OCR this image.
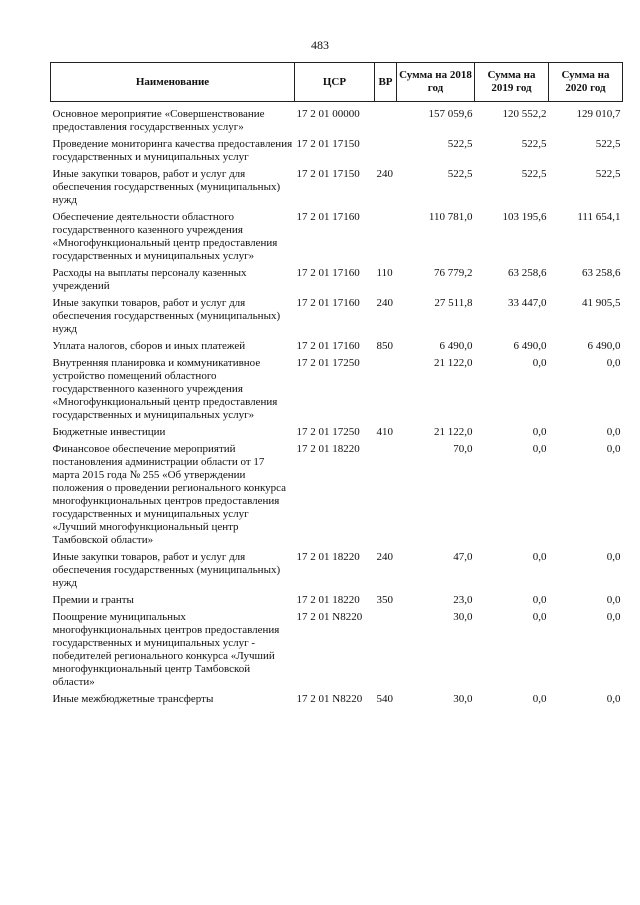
483
Наименование	ЦСР	ВР	Сумма на 2018 год	Сумма на 2019 год	Сумма на 2020 год
Основное мероприятие «Совершенствование предоставления государственных услуг»	17 2 01 00000		157 059,6	120 552,2	129 010,7
Проведение мониторинга качества предоставления государственных и муниципальных услуг	17 2 01 17150		522,5	522,5	522,5
Иные закупки товаров, работ и услуг для обеспечения государственных (муниципальных) нужд	17 2 01 17150	240	522,5	522,5	522,5
Обеспечение деятельности областного государственного казенного учреждения «Многофункциональный центр предоставления государственных и муниципальных услуг»	17 2 01 17160		110 781,0	103 195,6	111 654,1
Расходы на выплаты персоналу казенных учреждений	17 2 01 17160	110	76 779,2	63 258,6	63 258,6
Иные закупки товаров, работ и услуг для обеспечения государственных (муниципальных) нужд	17 2 01 17160	240	27 511,8	33 447,0	41 905,5
Уплата налогов, сборов и иных платежей	17 2 01 17160	850	6 490,0	6 490,0	6 490,0
Внутренняя планировка и коммуникативное устройство помещений областного государственного казенного учреждения «Многофункциональный центр предоставления государственных и муниципальных услуг»	17 2 01 17250		21 122,0	0,0	0,0
Бюджетные инвестиции	17 2 01 17250	410	21 122,0	0,0	0,0
Финансовое обеспечение мероприятий постановления администрации области от 17 марта 2015 года № 255 «Об утверждении положения о проведении регионального конкурса многофункциональных центров предоставления государственных и муниципальных услуг «Лучший многофункциональный центр Тамбовской области»	17 2 01 18220		70,0	0,0	0,0
Иные закупки товаров, работ и услуг для обеспечения государственных (муниципальных) нужд	17 2 01 18220	240	47,0	0,0	0,0
Премии и гранты	17 2 01 18220	350	23,0	0,0	0,0
Поощрение муниципальных многофункциональных центров предоставления государственных и муниципальных услуг - победителей регионального конкурса «Лучший многофункциональный центр Тамбовской области»	17 2 01 N8220		30,0	0,0	0,0
Иные межбюджетные трансферты	17 2 01 N8220	540	30,0	0,0	0,0
